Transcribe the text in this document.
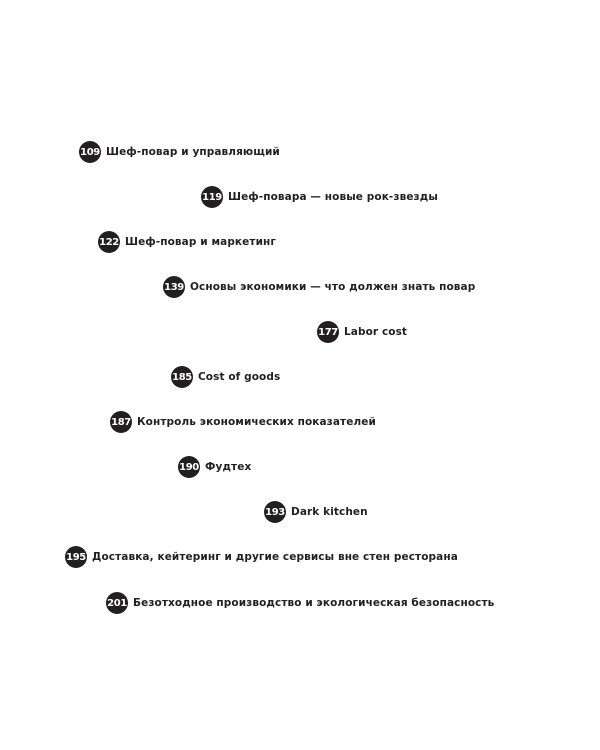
109 Шеф-повар и управляющий
119 Шеф-повара — новые рок-звезды
122 Шеф-повар и маркетинг
139 Основы экономики — что должен знать повар
177 Labor cost
185 Cost of goods
187 Контроль экономических показателей
190 Фудтех
193 Dark kitchen
195 Доставка, кейтеринг и другие сервисы вне стен ресторана
201 Безотходное производство и экологическая безопасность
